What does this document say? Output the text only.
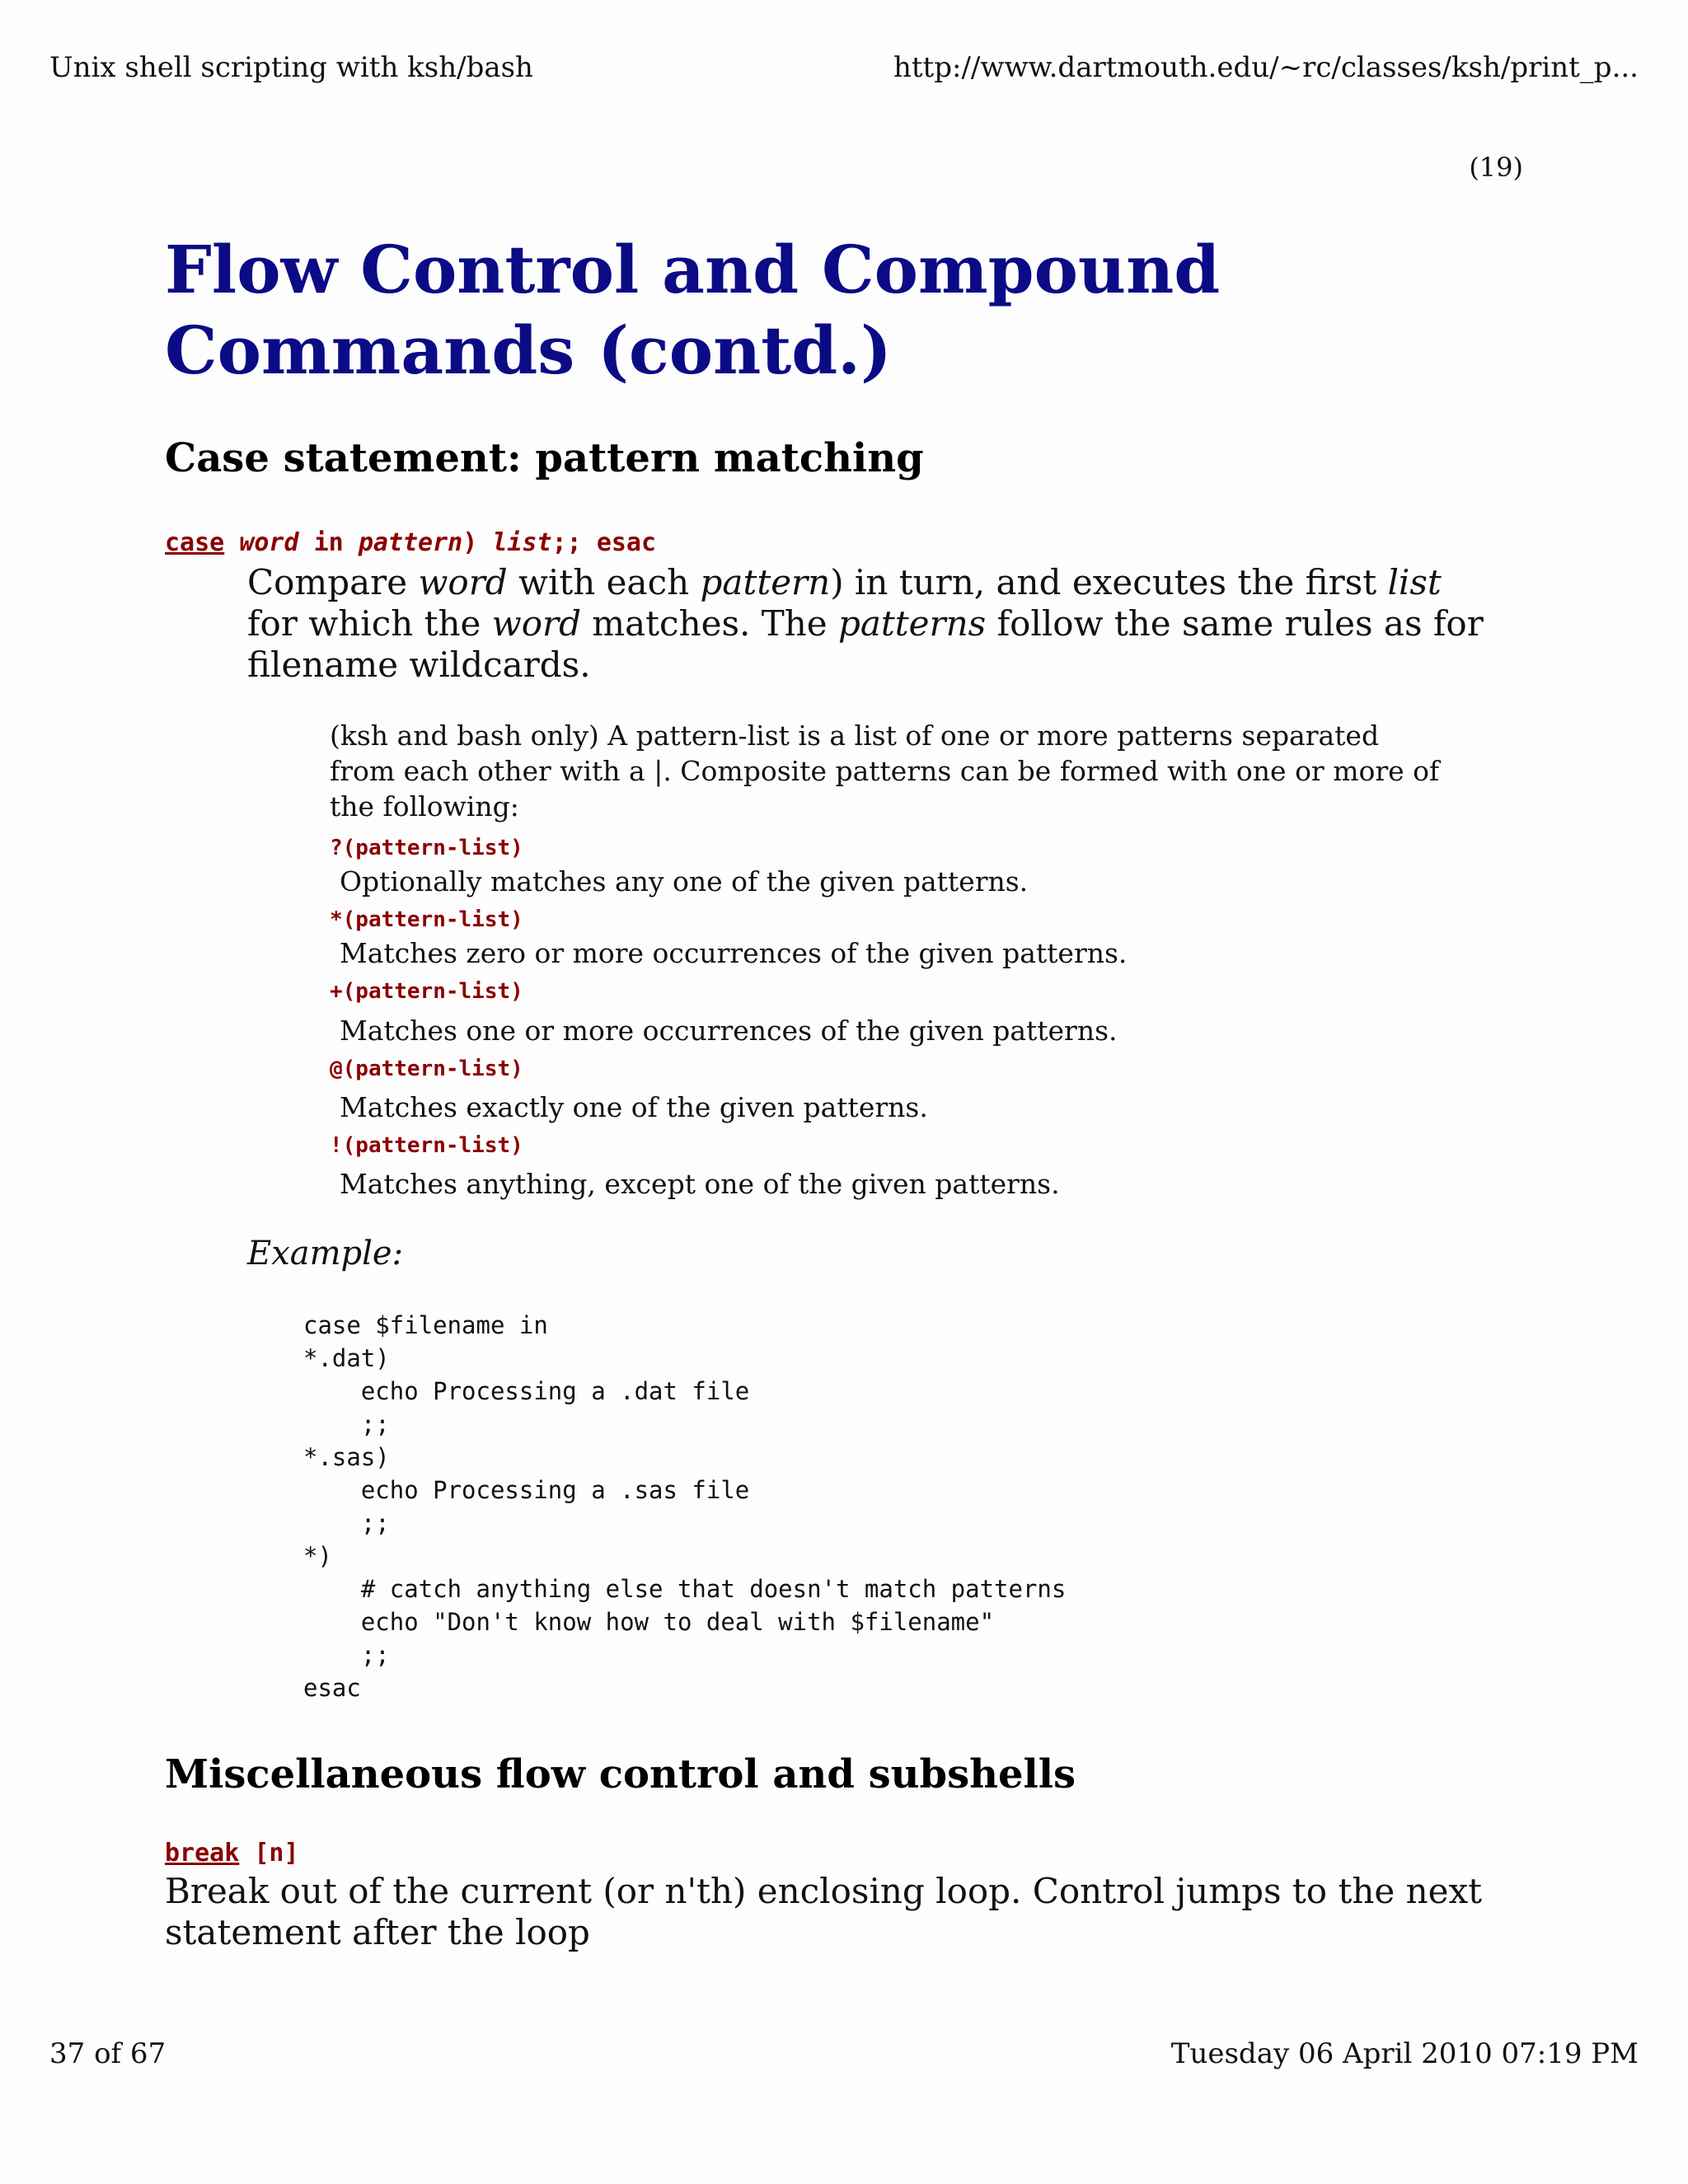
Unix shell scripting with ksh/bash	http://www.dartmouth.edu/~rc/classes/ksh/print_p...
(19)
Flow Control and Compound
Commands (contd.)
Case statement: pattern matching
case word in pattern) list;; esac
Compare word with each pattern) in turn, and executes the first list for which the word matches. The patterns follow the same rules as for filename wildcards.
(ksh and bash only) A pattern-list is a list of one or more patterns separated from each other with a |. Composite patterns can be formed with one or more of the following:
?(pattern-list)
Optionally matches any one of the given patterns.
*(pattern-list)
Matches zero or more occurrences of the given patterns.
+(pattern-list)
Matches one or more occurrences of the given patterns.
@(pattern-list)
Matches exactly one of the given patterns.
!(pattern-list)
Matches anything, except one of the given patterns.
Example:
case $filename in
*.dat)
echo Processing a .dat file
;;
*.sas)
echo Processing a .sas file
;;
*)
# catch anything else that doesn't match patterns
echo "Don't know how to deal with $filename"
;;
esac
Miscellaneous flow control and subshells
break [n]
Break out of the current (or n'th) enclosing loop. Control jumps to the next statement after the loop
37 of 67	Tuesday 06 April 2010 07:19 PM
